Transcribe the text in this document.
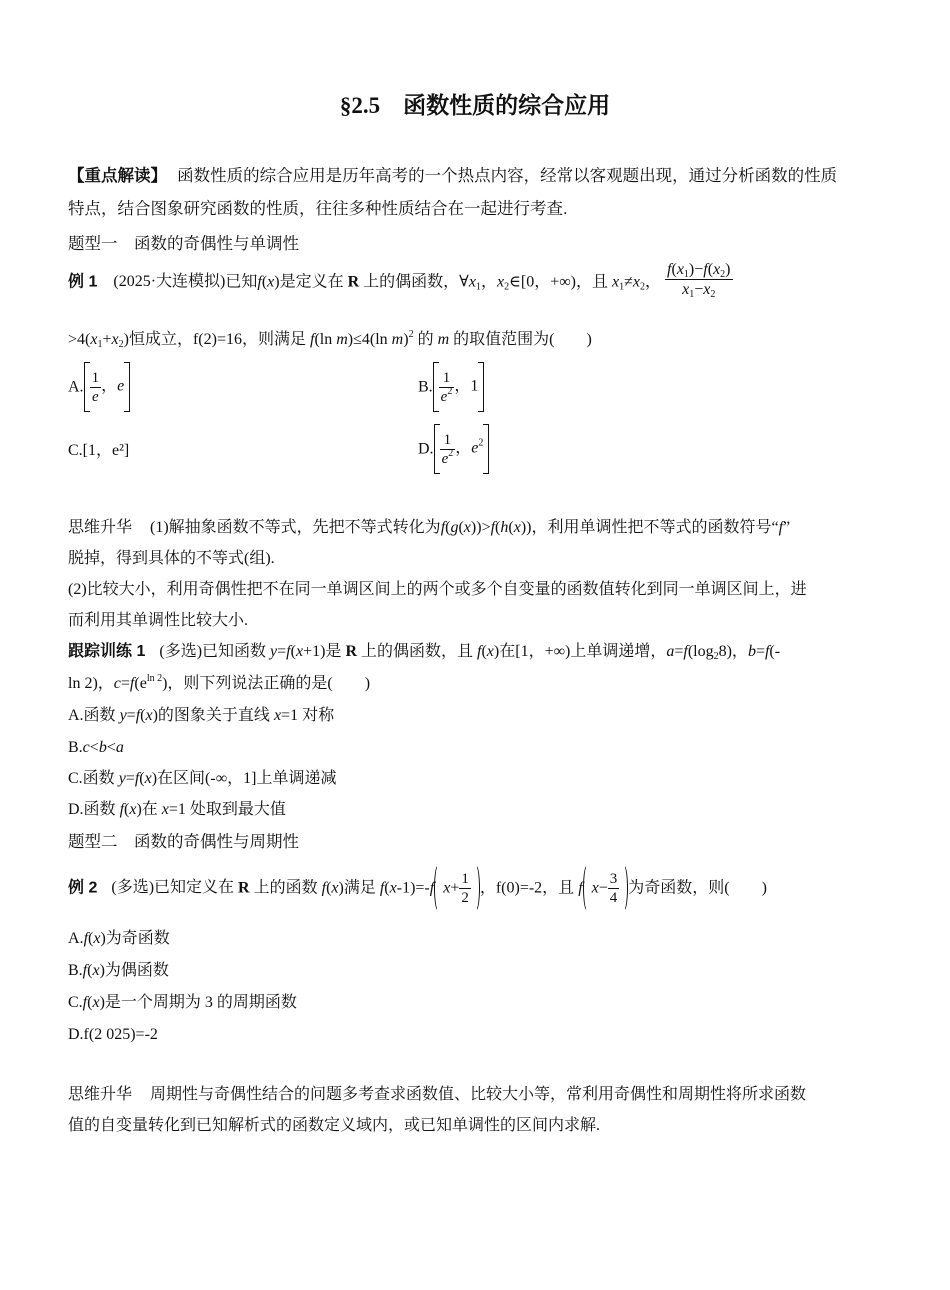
§2.5　函数性质的综合应用
【重点解读】 函数性质的综合应用是历年高考的一个热点内容，经常以客观题出现，通过分析函数的性质
特点，结合图象研究函数的性质，往往多种性质结合在一起进行考查.
题型一　函数的奇偶性与单调性
例 1 (2025·大连模拟)已知f(x)是定义在 R 上的偶函数，$\forall x_1$，$x_2\in[0$，+∞)，且 $x_1\ne x_2$， $\frac{f(x_1)-f(x_2)}{x_1-x_2}$
$>4(x_1+x_2)$恒成立，f(2)=16，则满足 f(ln m)≤4(ln m)$^2$ 的 m 的取值范围为(　　)
A. $\frac{1}{e}$ ，e	B. $\frac{1}{e^2}$ ，1
C.[1，e²]	D. $\frac{1}{e^2}$ ，$e^2$
思维升华 (1)解抽象函数不等式，先把不等式转化为f(g(x))>f(h(x))，利用单调性把不等式的函数符号“f”
脱掉，得到具体的不等式(组).
(2)比较大小，利用奇偶性把不在同一单调区间上的两个或多个自变量的函数值转化到同一单调区间上，进
而利用其单调性比较大小.
跟踪训练 1 (多选)已知函数 y=f(x+1)是 R 上的偶函数，且 f(x)在[1，+∞)上单调递增，$a=f(\log_28)$，b=f(-
ln 2)，$c=f(e^{ln 2})$，则下列说法正确的是(　　)
A.函数 y=f(x)的图象关于直线 x=1 对称
B.c<b<a
C.函数 y=f(x)在区间(-∞，1]上单调递减
D.函数 f(x)在 x=1 处取到最大值
题型二　函数的奇偶性与周期性
例 2 (多选)已知定义在 R 上的函数 f(x)满足 f(x-1)=-f $x+ \frac{1}{2}$ ，f(0)=-2，且 f $x- \frac{3}{4}$ 为奇函数，则(　　)
A.f(x)为奇函数
B.f(x)为偶函数
C.f(x)是一个周期为 3 的周期函数
D.f(2 025)=-2
思维升华 周期性与奇偶性结合的问题多考查求函数值、比较大小等，常利用奇偶性和周期性将所求函数
值的自变量转化到已知解析式的函数定义域内，或已知单调性的区间内求解.
